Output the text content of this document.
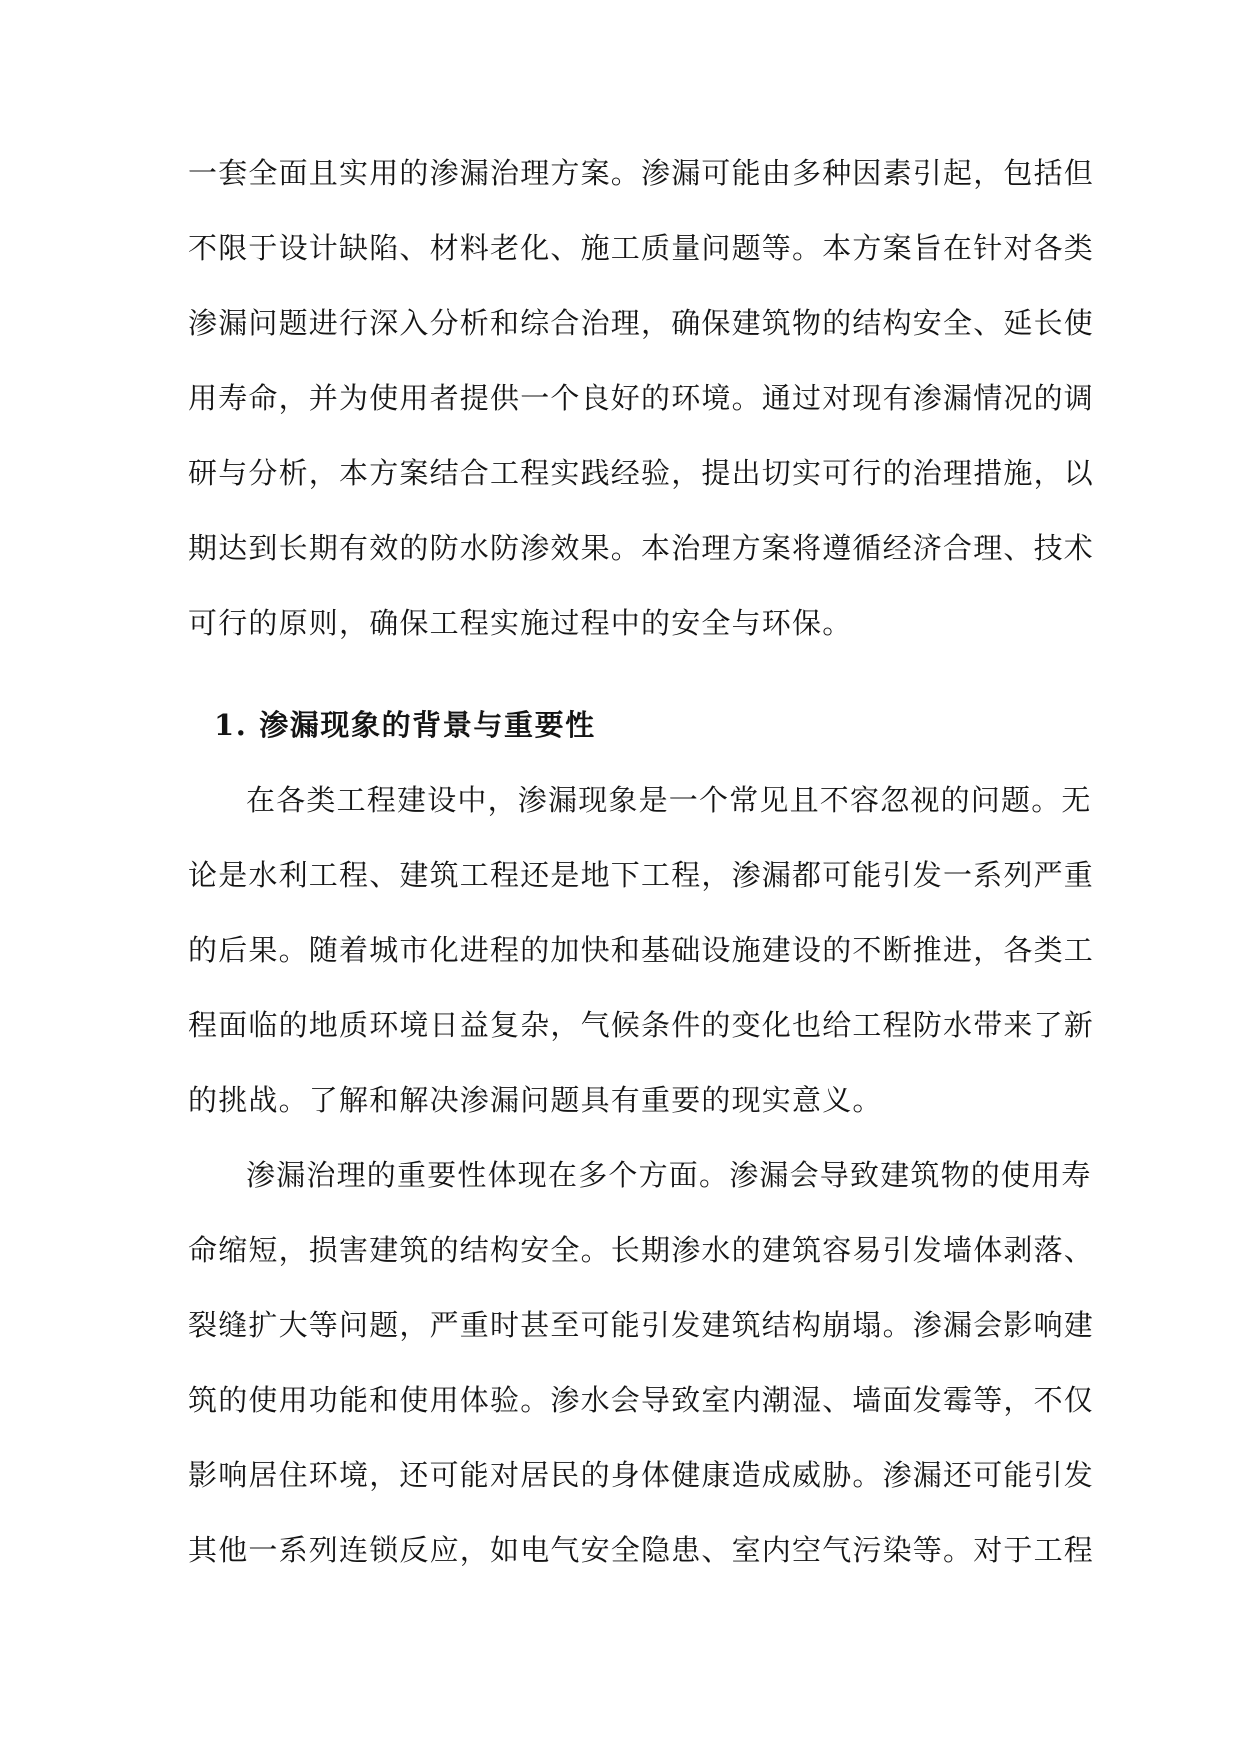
一套全面且实用的渗漏治理方案。渗漏可能由多种因素引起，包括但
不限于设计缺陷、材料老化、施工质量问题等。本方案旨在针对各类
渗漏问题进行深入分析和综合治理，确保建筑物的结构安全、延长使
用寿命，并为使用者提供一个良好的环境。通过对现有渗漏情况的调
研与分析，本方案结合工程实践经验，提出切实可行的治理措施，以
期达到长期有效的防水防渗效果。本治理方案将遵循经济合理、技术
可行的原则，确保工程实施过程中的安全与环保。
1. 渗漏现象的背景与重要性
在各类工程建设中，渗漏现象是一个常见且不容忽视的问题。无
论是水利工程、建筑工程还是地下工程，渗漏都可能引发一系列严重
的后果。随着城市化进程的加快和基础设施建设的不断推进，各类工
程面临的地质环境日益复杂，气候条件的变化也给工程防水带来了新
的挑战。了解和解决渗漏问题具有重要的现实意义。
渗漏治理的重要性体现在多个方面。渗漏会导致建筑物的使用寿
命缩短，损害建筑的结构安全。长期渗水的建筑容易引发墙体剥落、
裂缝扩大等问题，严重时甚至可能引发建筑结构崩塌。渗漏会影响建
筑的使用功能和使用体验。渗水会导致室内潮湿、墙面发霉等，不仅
影响居住环境，还可能对居民的身体健康造成威胁。渗漏还可能引发
其他一系列连锁反应，如电气安全隐患、室内空气污染等。对于工程
